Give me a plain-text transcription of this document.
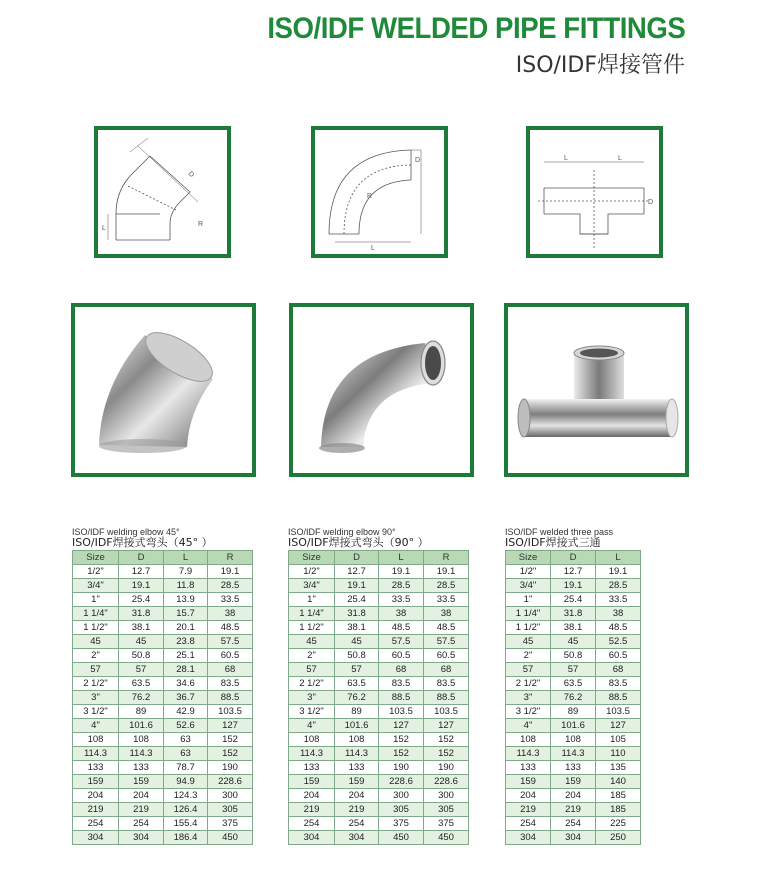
ISO/IDF WELDED PIPE FITTINGS
ISO/IDF焊接管件
L
D
R
L
D
R
L	L
D
ISO/IDF welding elbow 45°
ISO/IDF焊接式弯头（45° ）
Size	D	L	R
1/2"	12.7	7.9	19.1
3/4"	19.1	11.8	28.5
1"	25.4	13.9	33.5
1 1/4"	31.8	15.7	38
1 1/2"	38.1	20.1	48.5
45	45	23.8	57.5
2"	50.8	25.1	60.5
57	57	28.1	68
2 1/2"	63.5	34.6	83.5
3"	76.2	36.7	88.5
3 1/2"	89	42.9	103.5
4"	101.6	52.6	127
108	108	63	152
114.3	114.3	63	152
133	133	78.7	190
159	159	94.9	228.6
204	204	124.3	300
219	219	126.4	305
254	254	155.4	375
304	304	186.4	450
ISO/IDF welding elbow 90°
ISO/IDF焊接式弯头（90° ）
Size	D	L	R
1/2"	12.7	19.1	19.1
3/4"	19.1	28.5	28.5
1"	25.4	33.5	33.5
1 1/4"	31.8	38	38
1 1/2"	38.1	48.5	48.5
45	45	57.5	57.5
2"	50.8	60.5	60.5
57	57	68	68
2 1/2"	63.5	83.5	83.5
3"	76.2	88.5	88.5
3 1/2"	89	103.5	103.5
4"	101.6	127	127
108	108	152	152
114.3	114.3	152	152
133	133	190	190
159	159	228.6	228.6
204	204	300	300
219	219	305	305
254	254	375	375
304	304	450	450
ISO/IDF welded three pass
ISO/IDF焊接式三通
Size	D	L
1/2"	12.7	19.1
3/4"	19.1	28.5
1"	25.4	33.5
1 1/4"	31.8	38
1 1/2"	38.1	48.5
45	45	52.5
2"	50.8	60.5
57	57	68
2 1/2"	63.5	83.5
3"	76.2	88.5
3 1/2"	89	103.5
4"	101.6	127
108	108	105
114.3	114.3	110
133	133	135
159	159	140
204	204	185
219	219	185
254	254	225
304	304	250
